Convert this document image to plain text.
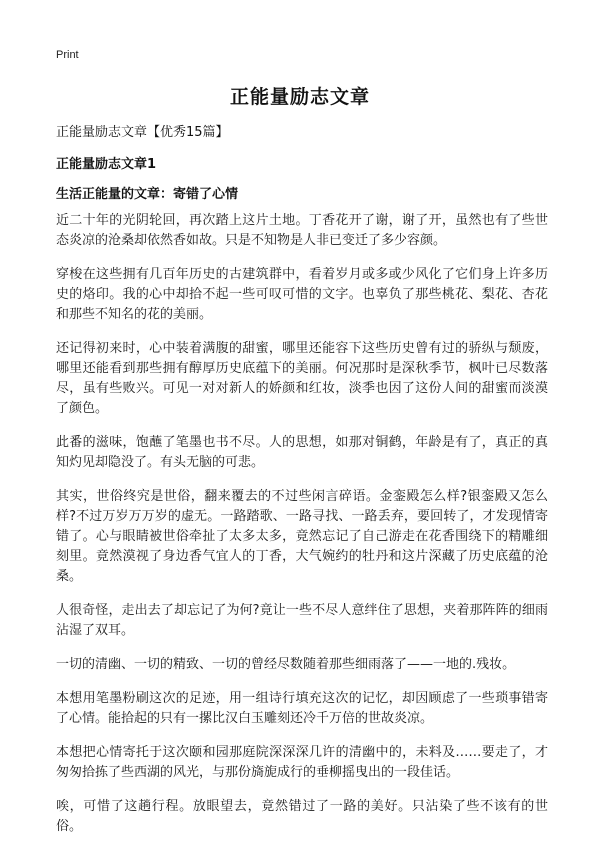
Print
正能量励志文章
正能量励志文章【优秀15篇】
正能量励志文章1
生活正能量的文章：寄错了心情

近二十年的光阴轮回，再次踏上这片土地。丁香花开了谢，谢了开，虽然也有了些世态炎凉的沧桑却依然香如故。只是不知物是人非已变迁了多少容颜。

穿梭在这些拥有几百年历史的古建筑群中，看着岁月或多或少风化了它们身上许多历史的烙印。我的心中却拾不起一些可叹可惜的文字。也辜负了那些桃花、梨花、杏花和那些不知名的花的美丽。

还记得初来时，心中装着满腹的甜蜜，哪里还能容下这些历史曾有过的骄纵与颓废，哪里还能看到那些拥有醇厚历史底蕴下的美丽。何况那时是深秋季节，枫叶已尽数落尽，虽有些败兴。可见一对对新人的娇颜和红妆，淡季也因了这份人间的甜蜜而淡漠了颜色。

此番的滋味，饱蘸了笔墨也书不尽。人的思想，如那对铜鹤，年龄是有了，真正的真知灼见却隐没了。有头无脑的可悲。

其实，世俗终究是世俗，翻来覆去的不过些闲言碎语。金銮殿怎么样?银銮殿又怎么样?不过万岁万万岁的虚无。一路踏歌、一路寻找、一路丢弃，要回转了，才发现情寄错了。心与眼睛被世俗牵扯了太多太多，竟然忘记了自己游走在花香围绕下的精雕细刻里。竟然漠视了身边香气宜人的丁香，大气婉约的牡丹和这片深藏了历史底蕴的沧桑。

人很奇怪，走出去了却忘记了为何?竟让一些不尽人意绊住了思想，夹着那阵阵的细雨沾湿了双耳。

一切的清幽、一切的精致、一切的曾经尽数随着那些细雨落了——一地的.残妆。

本想用笔墨粉刷这次的足迹，用一组诗行填充这次的记忆，却因顾虑了一些琐事错寄了心情。能拾起的只有一摞比汉白玉雕刻还冷千万倍的世故炎凉。

本想把心情寄托于这次颐和园那庭院深深深几许的清幽中的，未料及……要走了，才匆匆拾拣了些西湖的风光，与那份旖旎成行的垂柳摇曳出的一段佳话。

唉，可惜了这趟行程。放眼望去，竟然错过了一路的美好。只沾染了些不该有的世俗。
